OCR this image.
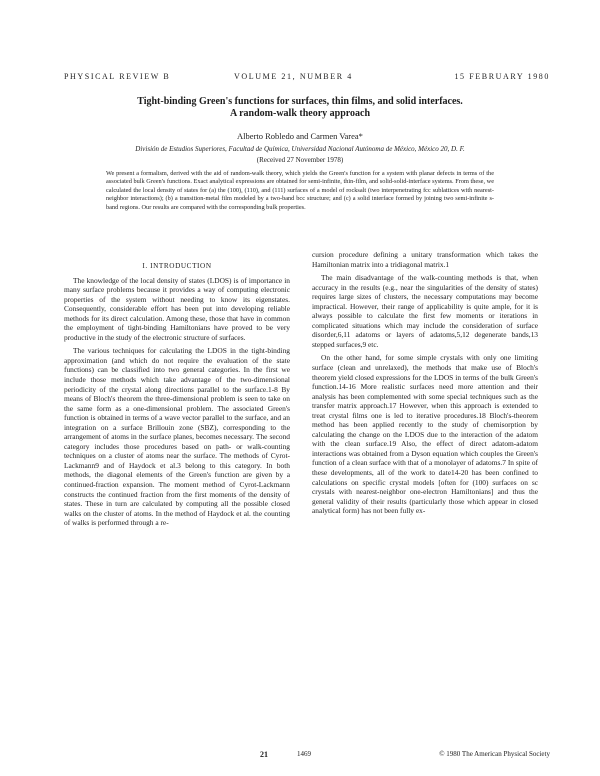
PHYSICAL REVIEW B	VOLUME 21, NUMBER 4	15 FEBRUARY 1980
Tight-binding Green's functions for surfaces, thin films, and solid interfaces.
A random-walk theory approach
Alberto Robledo and Carmen Varea*
División de Estudios Superiores, Facultad de Química, Universidad Nacional Autónoma de México, México 20, D. F.
(Received 27 November 1978)
We present a formalism, derived with the aid of random-walk theory, which yields the Green's function for a system with planar defects in terms of the associated bulk Green's functions. Exact analytical expressions are obtained for semi-infinite, thin-film, and solid-solid-interface systems. From these, we calculated the local density of states for (a) the (100), (110), and (111) surfaces of a model of rocksalt (two interpenetrating fcc sublattices with nearest-neighbor interactions); (b) a transition-metal film modeled by a two-band bcc structure; and (c) a solid interface formed by joining two semi-infinite s-band regions. Our results are compared with the corresponding bulk properties.
I. INTRODUCTION

The knowledge of the local density of states (LDOS) is of importance in many surface problems because it provides a way of computing electronic properties of the system without needing to know its eigenstates. Consequently, considerable effort has been put into developing reliable methods for its direct calculation. Among these, those that have in common the employment of tight-binding Hamiltonians have proved to be very productive in the study of the electronic structure of surfaces.

The various techniques for calculating the LDOS in the tight-binding approximation (and which do not require the evaluation of the state functions) can be classified into two general categories. In the first we include those methods which take advantage of the two-dimensional periodicity of the crystal along directions parallel to the surface.1-8 By means of Bloch's theorem the three-dimensional problem is seen to take on the same form as a one-dimensional problem. The associated Green's function is obtained in terms of a wave vector parallel to the surface, and an integration on a surface Brillouin zone (SBZ), corresponding to the arrangement of atoms in the surface planes, becomes necessary. The second category includes those procedures based on path- or walk-counting techniques on a cluster of atoms near the surface. The methods of Cyrot-Lackmann9 and of Haydock et al.3 belong to this category. In both methods, the diagonal elements of the Green's function are given by a continued-fraction expansion. The moment method of Cyrot-Lackmann constructs the continued fraction from the first moments of the density of states. These in turn are calculated by computing all the possible closed walks on the cluster of atoms. In the method of Haydock et al. the counting of walks is performed through a re-

cursion procedure defining a unitary transformation which takes the Hamiltonian matrix into a tridiagonal matrix.1

The main disadvantage of the walk-counting methods is that, when accuracy in the results (e.g., near the singularities of the density of states) requires large sizes of clusters, the necessary computations may become impractical. However, their range of applicability is quite ample, for it is always possible to calculate the first few moments or iterations in complicated situations which may include the consideration of surface disorder,6,11 adatoms or layers of adatoms,5,12 degenerate bands,13 stepped surfaces,9 etc.

On the other hand, for some simple crystals with only one limiting surface (clean and unrelaxed), the methods that make use of Bloch's theorem yield closed expressions for the LDOS in terms of the bulk Green's function.14-16 More realistic surfaces need more attention and their analysis has been complemented with some special techniques such as the transfer matrix approach.17 However, when this approach is extended to treat crystal films one is led to iterative procedures.18 Bloch's-theorem method has been applied recently to the study of chemisorption by calculating the change on the LDOS due to the interaction of the adatom with the clean surface.19 Also, the effect of direct adatom-adatom interactions was obtained from a Dyson equation which couples the Green's function of a clean surface with that of a monolayer of adatoms.7 In spite of these developments, all of the work to date14-20 has been confined to calculations on specific crystal models [often for (100) surfaces on sc crystals with nearest-neighbor one-electron Hamiltonians] and thus the general validity of their results (particularly those which appear in closed analytical form) has not been fully ex-

21	1469	© 1980 The American Physical Society
